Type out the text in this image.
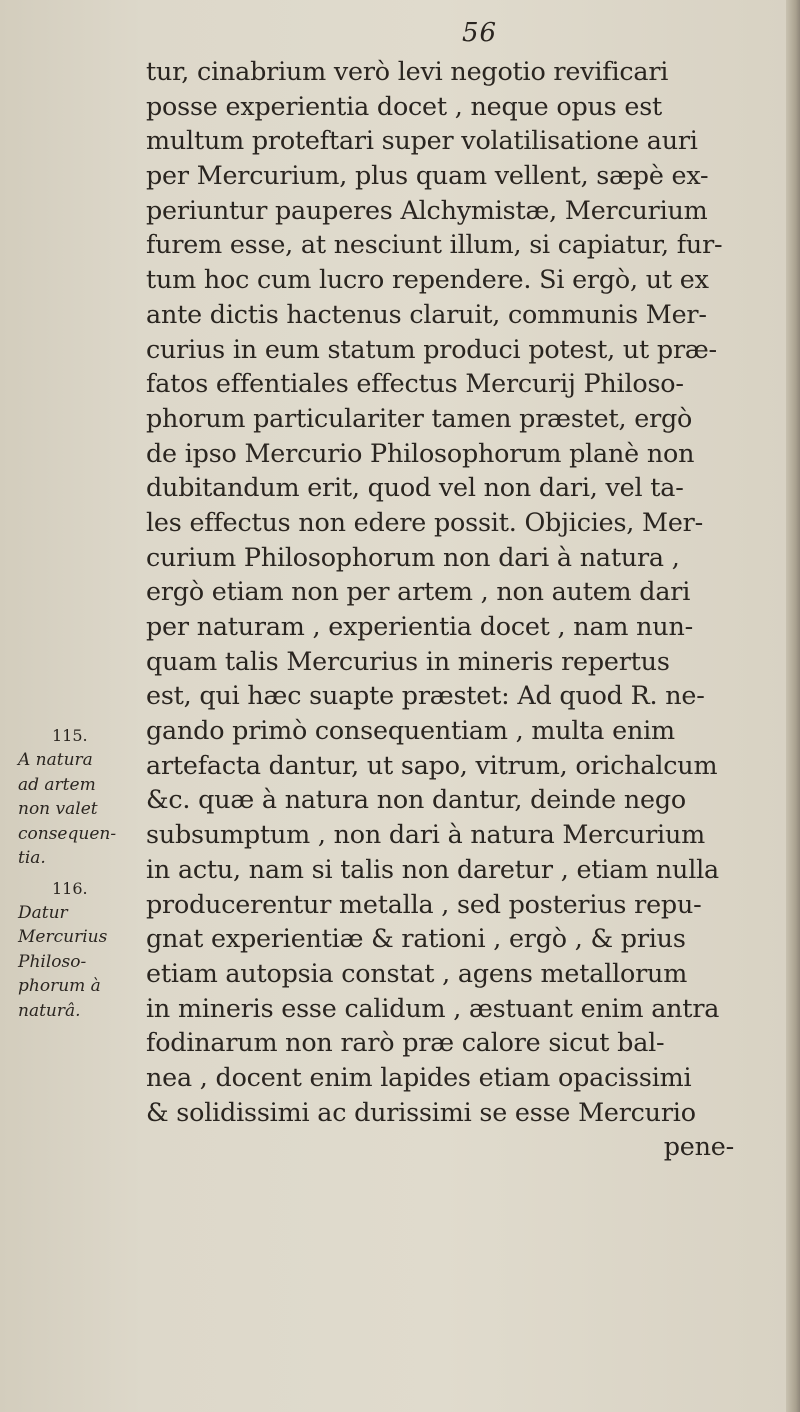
56
tur, cinabrium verò levi negotio revificari
posse experientia docet , neque opus est
multum proteftari super volatilisatione auri
per Mercurium, plus quam vellent, sæpè ex-
periuntur pauperes Alchymistæ, Mercurium
furem esse, at nesciunt illum, si capiatur, fur-
tum hoc cum lucro rependere. Si ergò, ut ex
ante dictis hactenus claruit, communis Mer-
curius in eum statum produci potest, ut præ-
fatos effentiales effectus Mercurij Philoso-
phorum particulariter tamen præstet, ergò
de ipso Mercurio Philosophorum planè non
dubitandum erit, quod vel non dari, vel ta-
les effectus non edere possit. Objicies, Mer-
curium Philosophorum non dari à natura ,
ergò etiam non per artem , non autem dari
per naturam , experientia docet , nam nun-
quam talis Mercurius in mineris repertus
est, qui hæc suapte præstet: Ad quod R. ne-
gando primò consequentiam , multa enim
artefacta dantur, ut sapo, vitrum, orichalcum
&c. quæ à natura non dantur, deinde nego
subsumptum , non dari à natura Mercurium
in actu, nam si talis non daretur , etiam nulla
producerentur metalla , sed posterius repu-
gnat experientiæ & rationi , ergò , & prius
etiam autopsia constat , agens metallorum
in mineris esse calidum , æstuant enim antra
fodinarum non rarò præ calore sicut bal-
nea , docent enim lapides etiam opacissimi
& solidissimi ac durissimi se esse Mercurio
pene-
115.
A natura
ad artem
non valet
consequen-
tia.
116.
Datur
Mercurius
Philoso-
phorum à
naturâ.
